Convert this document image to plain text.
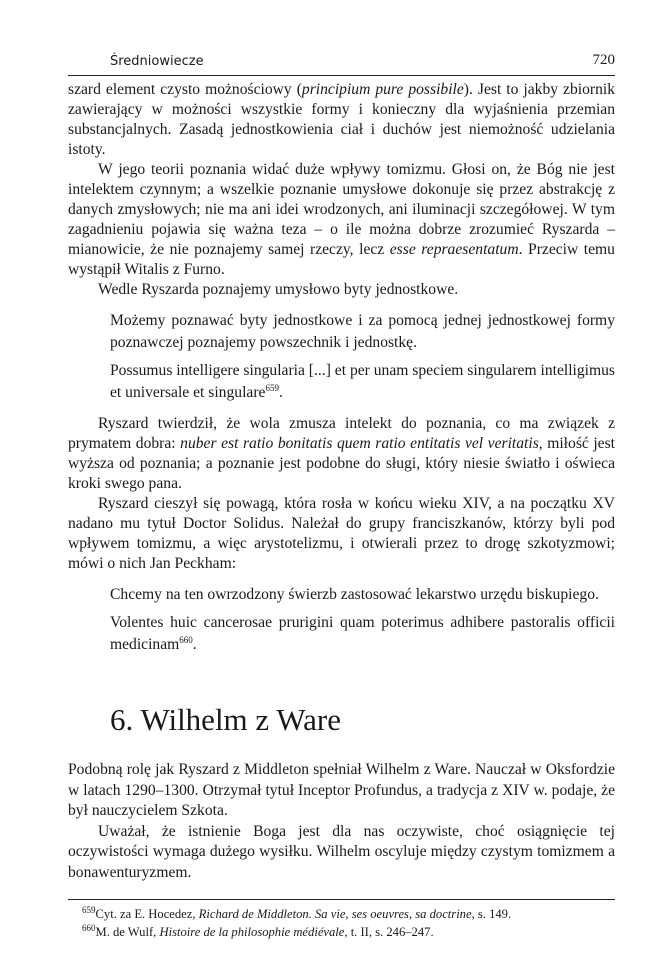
Średniowiecze	720

szard element czysto możnościowy (principium pure possibile). Jest to jakby zbiornik zawierający w możności wszystkie formy i konieczny dla wyjaśnienia przemian substancjalnych. Zasadą jednostkowienia ciał i duchów jest niemożność udzielania istoty.

W jego teorii poznania widać duże wpływy tomizmu. Głosi on, że Bóg nie jest intelektem czynnym; a wszelkie poznanie umysłowe dokonuje się przez abstrakcję z danych zmysłowych; nie ma ani idei wrodzonych, ani iluminacji szczegółowej. W tym zagadnieniu pojawia się ważna teza – o ile można dobrze zrozumieć Ryszarda – mianowicie, że nie poznajemy samej rzeczy, lecz esse repraesentatum. Przeciw temu wystąpił Witalis z Furno.

Wedle Ryszarda poznajemy umysłowo byty jednostkowe.

Możemy poznawać byty jednostkowe i za pomocą jednej jednostkowej formy poznawczej poznajemy powszechnik i jednostkę.

Possumus intelligere singularia [...] et per unam speciem singularem intelligimus et universale et singulare$^{659}$.

Ryszard twierdził, że wola zmusza intelekt do poznania, co ma związek z prymatem dobra: nuber est ratio bonitatis quem ratio entitatis vel veritatis, miłość jest wyższa od poznania; a poznanie jest podobne do sługi, który niesie światło i oświeca kroki swego pana.

Ryszard cieszył się powagą, która rosła w końcu wieku XIV, a na początku XV nadano mu tytuł Doctor Solidus. Należał do grupy franciszkanów, którzy byli pod wpływem tomizmu, a więc arystotelizmu, i otwierali przez to drogę szkotyzmowi; mówi o nich Jan Peckham:

Chcemy na ten owrzodzony świerzb zastosować lekarstwo urzędu biskupiego.

Volentes huic cancerosae prurigini quam poterimus adhibere pastoralis officii medicinam$^{660}$.

6. Wilhelm z Ware

Podobną rolę jak Ryszard z Middleton spełniał Wilhelm z Ware. Nauczał w Oksfordzie w latach 1290–1300. Otrzymał tytuł Inceptor Profundus, a tradycja z XIV w. podaje, że był nauczycielem Szkota.

Uważał, że istnienie Boga jest dla nas oczywiste, choć osiągnięcie tej oczywistości wymaga dużego wysiłku. Wilhelm oscyluje między czystym tomizmem a bonawenturyzmem.

$^{659}$Cyt. za E. Hocedez, Richard de Middleton. Sa vie, ses oeuvres, sa doctrine, s. 149.

$^{660}$M. de Wulf, Histoire de la philosophie médiévale, t. II, s. 246–247.
